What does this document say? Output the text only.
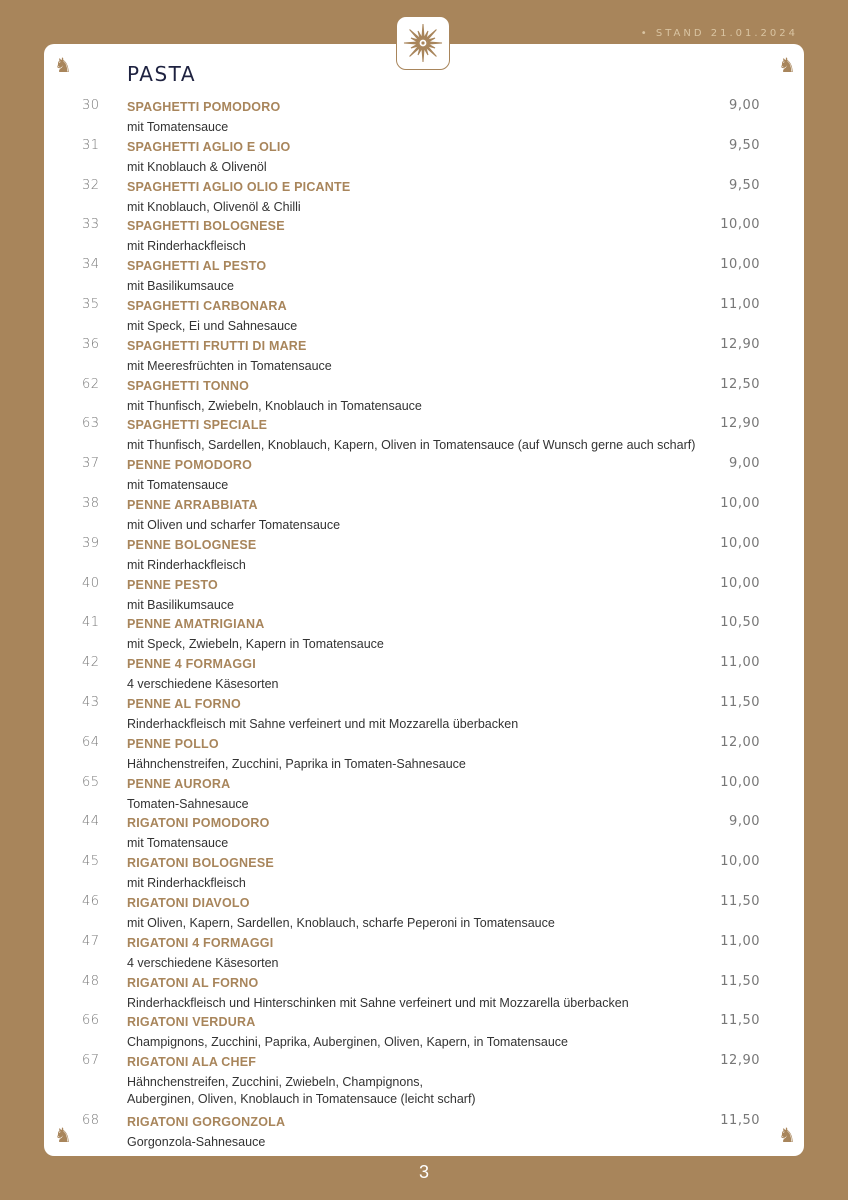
• STAND 21.01.2024
♞	♞
♞	♞
PASTA
30 SPAGHETTI POMODORO	9,00
mit Tomatensauce
31 SPAGHETTI AGLIO E OLIO	9,50
mit Knoblauch & Olivenöl
32 SPAGHETTI AGLIO OLIO E PICANTE	9,50
mit Knoblauch, Olivenöl & Chilli
33 SPAGHETTI BOLOGNESE	10,00
mit Rinderhackfleisch
34 SPAGHETTI AL PESTO	10,00
mit Basilikumsauce
35 SPAGHETTI CARBONARA	11,00
mit Speck, Ei und Sahnesauce
36 SPAGHETTI FRUTTI DI MARE	12,90
mit Meeresfrüchten in Tomatensauce
62 SPAGHETTI TONNO	12,50
mit Thunfisch, Zwiebeln, Knoblauch in Tomatensauce
63 SPAGHETTI SPECIALE	12,90
mit Thunfisch, Sardellen, Knoblauch, Kapern, Oliven in Tomatensauce (auf Wunsch gerne auch scharf)
37 PENNE POMODORO	9,00
mit Tomatensauce
38 PENNE ARRABBIATA	10,00
mit Oliven und scharfer Tomatensauce
39 PENNE BOLOGNESE	10,00
mit Rinderhackfleisch
40 PENNE PESTO	10,00
mit Basilikumsauce
41 PENNE AMATRIGIANA	10,50
mit Speck, Zwiebeln, Kapern in Tomatensauce
42 PENNE 4 FORMAGGI	11,00
4 verschiedene Käsesorten
43 PENNE AL FORNO	11,50
Rinderhackfleisch mit Sahne verfeinert und mit Mozzarella überbacken
64 PENNE POLLO	12,00
Hähnchenstreifen, Zucchini, Paprika in Tomaten-Sahnesauce
65 PENNE AURORA	10,00
Tomaten-Sahnesauce
44 RIGATONI POMODORO	9,00
mit Tomatensauce
45 RIGATONI BOLOGNESE	10,00
mit Rinderhackfleisch
46 RIGATONI DIAVOLO	11,50
mit Oliven, Kapern, Sardellen, Knoblauch, scharfe Peperoni in Tomatensauce
47 RIGATONI 4 FORMAGGI	11,00
4 verschiedene Käsesorten
48 RIGATONI AL FORNO	11,50
Rinderhackfleisch und Hinterschinken mit Sahne verfeinert und mit Mozzarella überbacken
66 RIGATONI VERDURA	11,50
Champignons, Zucchini, Paprika, Auberginen, Oliven, Kapern, in Tomatensauce
67 RIGATONI ALA CHEF	12,90
Hähnchenstreifen, Zucchini, Zwiebeln, Champignons,
Auberginen, Oliven, Knoblauch in Tomatensauce (leicht scharf)
68 RIGATONI GORGONZOLA	11,50
Gorgonzola-Sahnesauce
3
